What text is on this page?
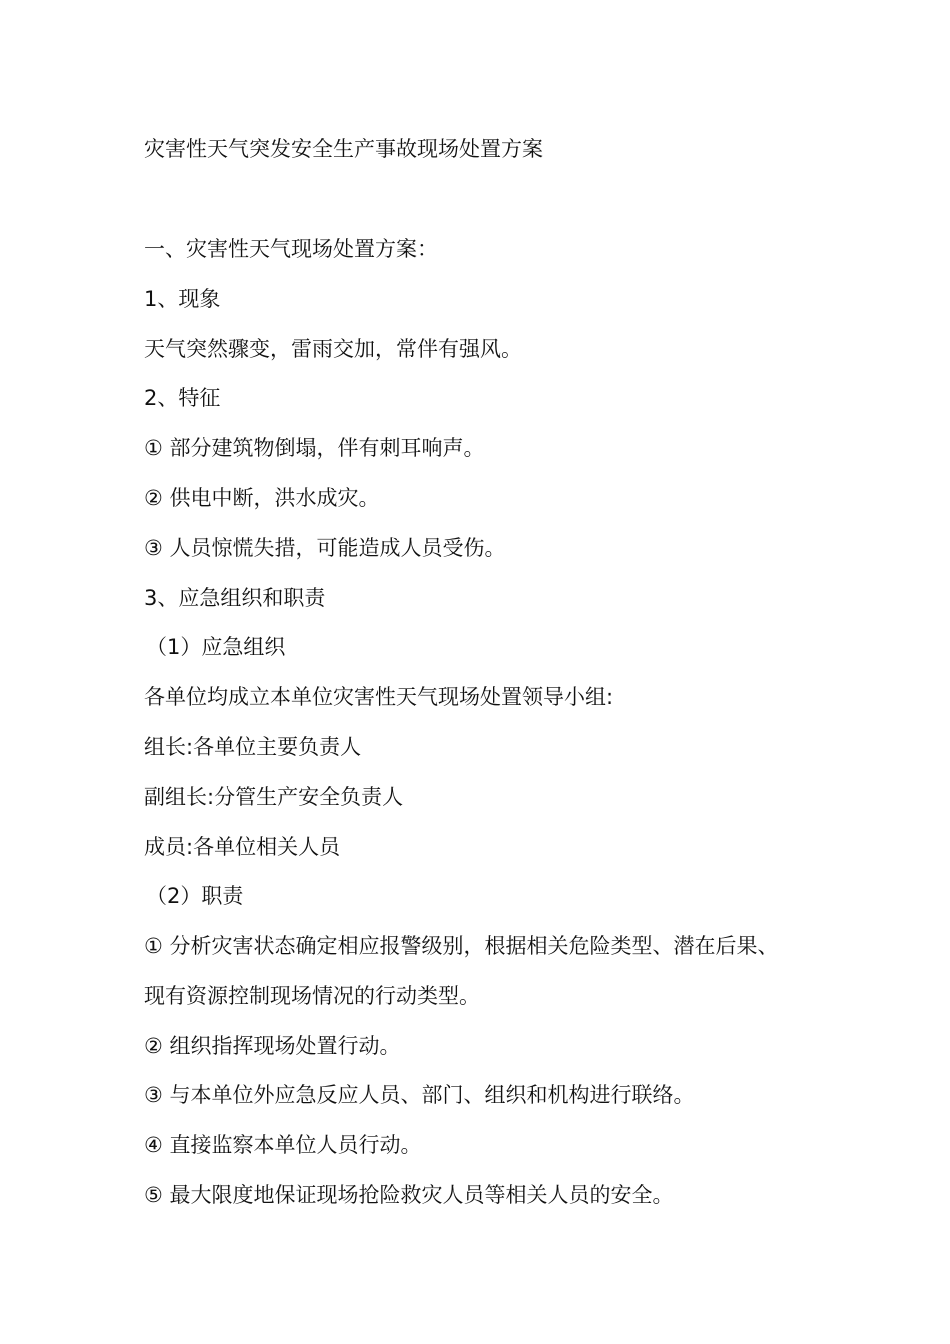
灾害性天气突发安全生产事故现场处置方案
一、灾害性天气现场处置方案：
1、现象
天气突然骤变，雷雨交加，常伴有强风。
2、特征
① 部分建筑物倒塌，伴有刺耳响声。
② 供电中断，洪水成灾。
③ 人员惊慌失措，可能造成人员受伤。
3、应急组织和职责
（1）应急组织
各单位均成立本单位灾害性天气现场处置领导小组:
组长:各单位主要负责人
副组长:分管生产安全负责人
成员:各单位相关人员
（2）职责
① 分析灾害状态确定相应报警级别，根据相关危险类型、潜在后果、
现有资源控制现场情况的行动类型。
② 组织指挥现场处置行动。
③ 与本单位外应急反应人员、部门、组织和机构进行联络。
④ 直接监察本单位人员行动。
⑤ 最大限度地保证现场抢险救灾人员等相关人员的安全。
